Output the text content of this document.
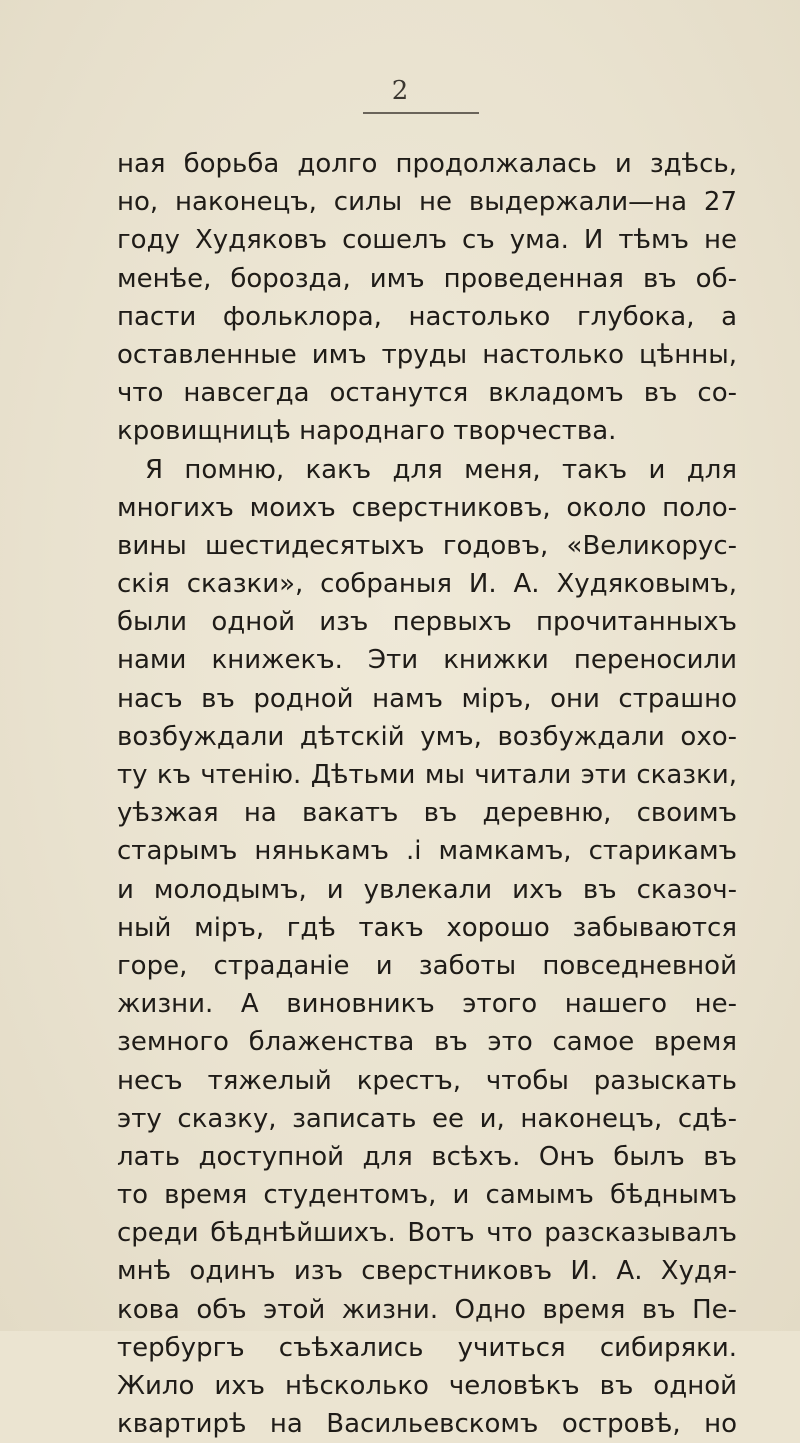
2
ная борьба долго продолжалась и здѣсь,
но, наконецъ, силы не выдержали—на 27
году Худяковъ сошелъ съ ума. И тѣмъ не
менѣе, борозда, имъ проведенная въ об-
пасти фольклора, настолько глубока, а
оставленные имъ труды настолько цѣнны,
что навсегда останутся вкладомъ въ со-
кровищницѣ народнаго творчества.
Я помню, какъ для меня, такъ и для
многихъ моихъ сверстниковъ, около поло-
вины шестидесятыхъ годовъ, «Великорус-
скія сказки», собраныя И. А. Худяковымъ,
были одной изъ первыхъ прочитанныхъ
нами книжекъ. Эти книжки переносили
насъ въ родной намъ міръ, они страшно
возбуждали дѣтскій умъ, возбуждали охо-
ту къ чтенію. Дѣтьми мы читали эти сказки,
уѣзжая на вакатъ въ деревню, своимъ
старымъ нянькамъ .і мамкамъ, старикамъ
и молодымъ, и увлекали ихъ въ сказоч-
ный міръ, гдѣ такъ хорошо забываются
горе, страданіе и заботы повседневной
жизни. А виновникъ этого нашего не-
земного блаженства въ это самое время
несъ тяжелый крестъ, чтобы разыскать
эту сказку, записать ее и, наконецъ, сдѣ-
лать доступной для всѣхъ. Онъ былъ въ
то время студентомъ, и самымъ бѣднымъ
среди бѣднѣйшихъ. Вотъ что разсказывалъ
мнѣ одинъ изъ сверстниковъ И. А. Худя-
кова объ этой жизни. Одно время въ Пе-
тербургъ съѣхались учиться сибиряки.
Жило ихъ нѣсколько человѣкъ въ одной
квартирѣ на Васильевскомъ островѣ, но
